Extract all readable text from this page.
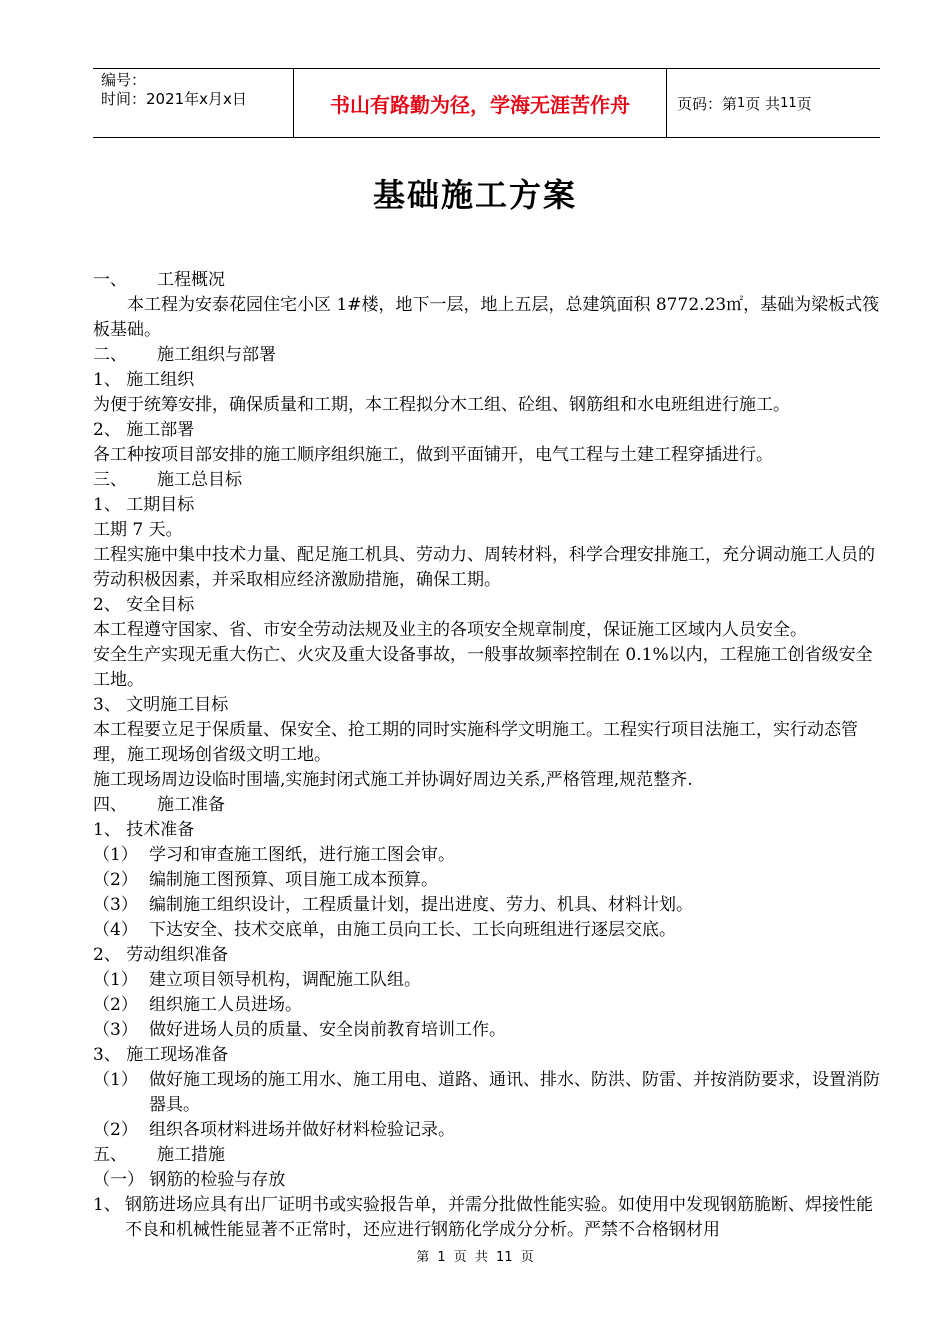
编号：
时间：2021年x月x日	书山有路勤为径，学海无涯苦作舟	页码：第 1 页 共 11 页
基础施工方案

一、 工程概况

本工程为安泰花园住宅小区 1#楼，地下一层，地上五层，总建筑面积 8772.23㎡，基础为梁板式筏板基础。

二、 施工组织与部署

1、 施工组织

为便于统筹安排，确保质量和工期，本工程拟分木工组、砼组、钢筋组和水电班组进行施工。

2、 施工部署

各工种按项目部安排的施工顺序组织施工，做到平面铺开，电气工程与土建工程穿插进行。

三、 施工总目标

1、 工期目标

工期 7 天。

工程实施中集中技术力量、配足施工机具、劳动力、周转材料，科学合理安排施工，充分调动施工人员的劳动积极因素，并采取相应经济激励措施，确保工期。

2、 安全目标

本工程遵守国家、省、市安全劳动法规及业主的各项安全规章制度，保证施工区域内人员安全。

安全生产实现无重大伤亡、火灾及重大设备事故，一般事故频率控制在 0.1%以内，工程施工创省级安全工地。

3、 文明施工目标

本工程要立足于保质量、保安全、抢工期的同时实施科学文明施工。工程实行项目法施工，实行动态管理，施工现场创省级文明工地。

施工现场周边设临时围墙,实施封闭式施工并协调好周边关系,严格管理,规范整齐.

四、 施工准备

1、 技术准备

（1） 学习和审查施工图纸，进行施工图会审。

（2） 编制施工图预算、项目施工成本预算。

（3） 编制施工组织设计，工程质量计划，提出进度、劳力、机具、材料计划。

（4） 下达安全、技术交底单，由施工员向工长、工长向班组进行逐层交底。

2、 劳动组织准备

（1） 建立项目领导机构，调配施工队组。

（2） 组织施工人员进场。

（3） 做好进场人员的质量、安全岗前教育培训工作。

3、 施工现场准备

（1） 做好施工现场的施工用水、施工用电、道路、通讯、排水、防洪、防雷、并按消防要求，设置消防器具。

（2） 组织各项材料进场并做好材料检验记录。

五、 施工措施

（一） 钢筋的检验与存放

1、 钢筋进场应具有出厂证明书或实验报告单，并需分批做性能实验。如使用中发现钢筋脆断、焊接性能不良和机械性能显著不正常时，还应进行钢筋化学成分分析。严禁不合格钢材用

第 1 页 共 11 页
